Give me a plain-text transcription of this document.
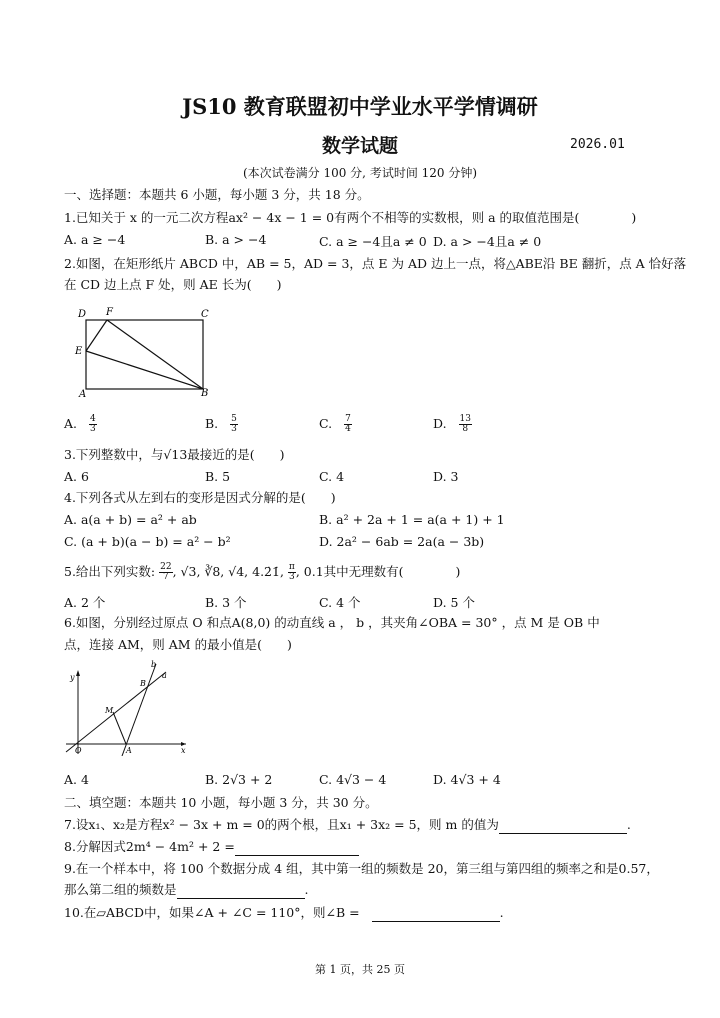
JS10 教育联盟初中学业水平学情调研
数学试题	2026.01
(本次试卷满分 100 分, 考试时间 120 分钟)
一、选择题：本题共 6 小题，每小题 3 分，共 18 分。
1.已知关于 x 的一元二次方程ax² − 4x − 1 = 0有两个不相等的实数根，则 a 的取值范围是(	)
A. a ≥ −4	B. a > −4	C. a ≥ −4且a ≠ 0 D. a > −4且a ≠ 0
2.如图，在矩形纸片 ABCD 中，AB = 5，AD = 3，点 E 为 AD 边上一点，将△ABE沿 BE 翻折，点 A 恰好落
在 CD 边上点 F 处，则 AE 长为(　　)
D F	C
E
A	B
A. $\frac{4}{3}$	B. $\frac{5}{3}$	C. $\frac{7}{4}$	D. $\frac{13}{8}$
3.下列整数中，与√13最接近的是(　　)
A. 6	B. 5	C. 4	D. 3
4.下列各式从左到右的变形是因式分解的是(　　)
A. a(a + b) = a² + ab	B. a² + 2a + 1 = a(a + 1) + 1
C. (a + b)(a − b) = a² − b²	D. 2a² − 6ab = 2a(a − 3b)
5.给出下列实数: $\frac{22}{7}$ , √3, ∛8, √4, 4.2̇1̇, $\frac{\pi}{3}$ , 0.1其中无理数有(	)
A. 2 个	B. 3 个	C. 4 个	D. 5 个
6.如图，分别经过原点 O 和点A(8,0) 的动直线 a ， b ，其夹角∠OBA = 30° ，点 M 是 OB 中
点，连接 AM，则 AM 的最小值是(　　)
y
x
O	A
B
M
a
b
A. 4	B. 2√3 + 2	C. 4√3 − 4	D. 4√3 + 4
二、填空题：本题共 10 小题，每小题 3 分，共 30 分。
7.设x₁、x₂是方程x² − 3x + m = 0的两个根，且x₁ + 3x₂ = 5，则 m 的值为	.
8.分解因式2m⁴ − 4m² + 2 =
9.在一个样本中，将 100 个数据分成 4 组，其中第一组的频数是 20，第三组与第四组的频率之和是0.57，
那么第二组的频数是	.
10.在▱ABCD中，如果∠A + ∠C = 110°，则∠B =	.
第 1 页，共 25 页
